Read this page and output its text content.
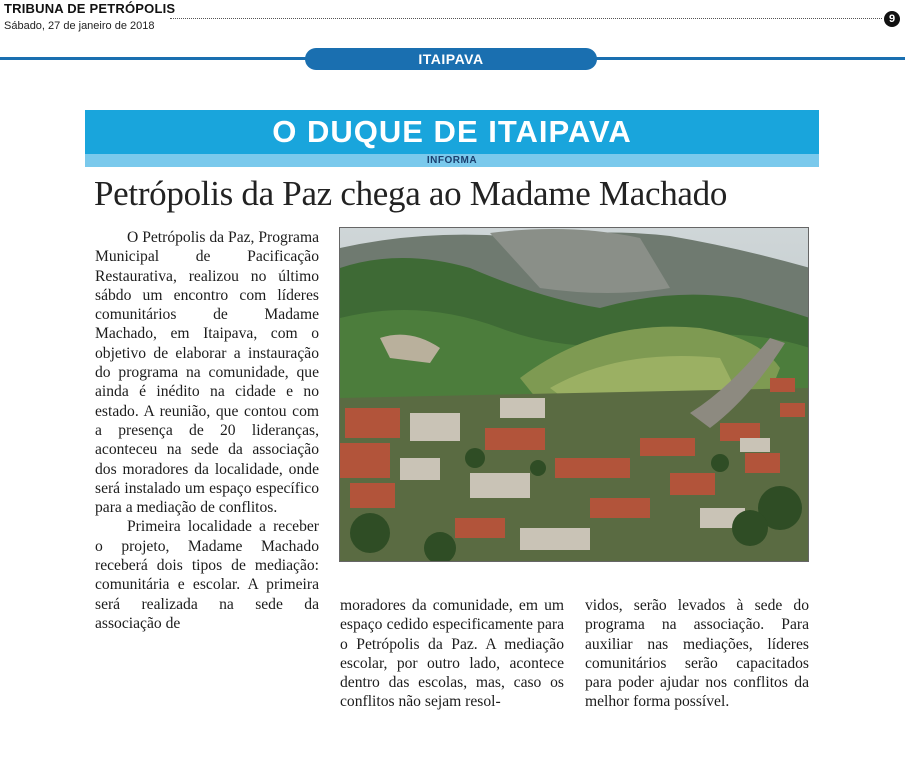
TRIBUNA DE PETRÓPOLIS
Sábado, 27 de janeiro de 2018
9
ITAIPAVA
O DUQUE DE ITAIPAVA
INFORMA
Petrópolis da Paz chega ao Madame Machado

O Petrópolis da Paz, Programa Municipal de Pacificação Restaurativa, realizou no último sábdo um encontro com líderes comunitários de Madame Machado, em Itaipava, com o objetivo de elaborar a instauração do programa na comunidade, que ainda é inédito na cidade e no estado. A reunião, que contou com a presença de 20 lideranças, aconteceu na sede da associação dos moradores da localidade, onde será instalado um espaço específico para a mediação de conflitos.

Primeira localidade a receber o projeto, Madame Machado receberá dois tipos de mediação: comunitária e escolar. A primeira será realizada na sede da associação de

moradores da comunidade, em um espaço cedido especificamente para o Petrópolis da Paz. A mediação escolar, por outro lado, acontece dentro das escolas, mas, caso os conflitos não sejam resol-

vidos, serão levados à sede do programa na associação. Para auxiliar nas mediações, líderes comunitários serão capacitados para poder ajudar nos conflitos da melhor forma possível.
